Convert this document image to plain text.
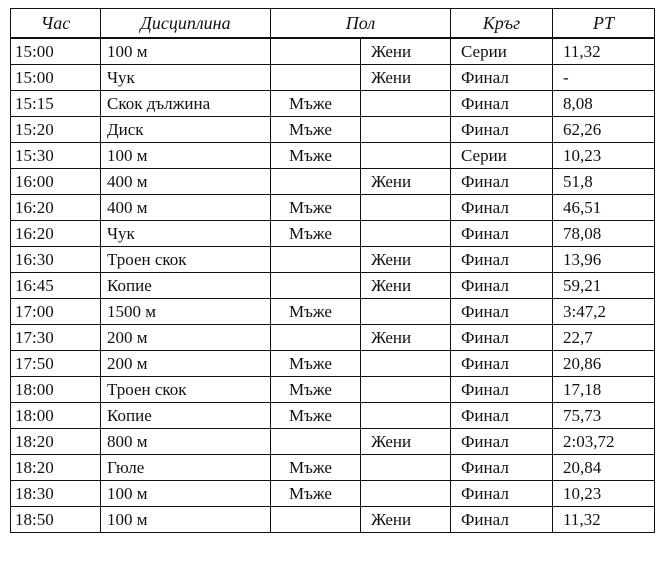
Час	Дисциплина	Пол		Кръг	РТ
15:00	100 м		Жени	Серии	11,32
15:00	Чук		Жени	Финал	-
15:15	Скок дължина	Мъже		Финал	8,08
15:20	Диск	Мъже		Финал	62,26
15:30	100 м	Мъже		Серии	10,23
16:00	400 м		Жени	Финал	51,8
16:20	400 м	Мъже		Финал	46,51
16:20	Чук	Мъже		Финал	78,08
16:30	Троен скок		Жени	Финал	13,96
16:45	Копие		Жени	Финал	59,21
17:00	1500 м	Мъже		Финал	3:47,2
17:30	200 м		Жени	Финал	22,7
17:50	200 м	Мъже		Финал	20,86
18:00	Троен скок	Мъже		Финал	17,18
18:00	Копие	Мъже		Финал	75,73
18:20	800 м		Жени	Финал	2:03,72
18:20	Гюле	Мъже		Финал	20,84
18:30	100 м	Мъже		Финал	10,23
18:50	100 м		Жени	Финал	11,32
